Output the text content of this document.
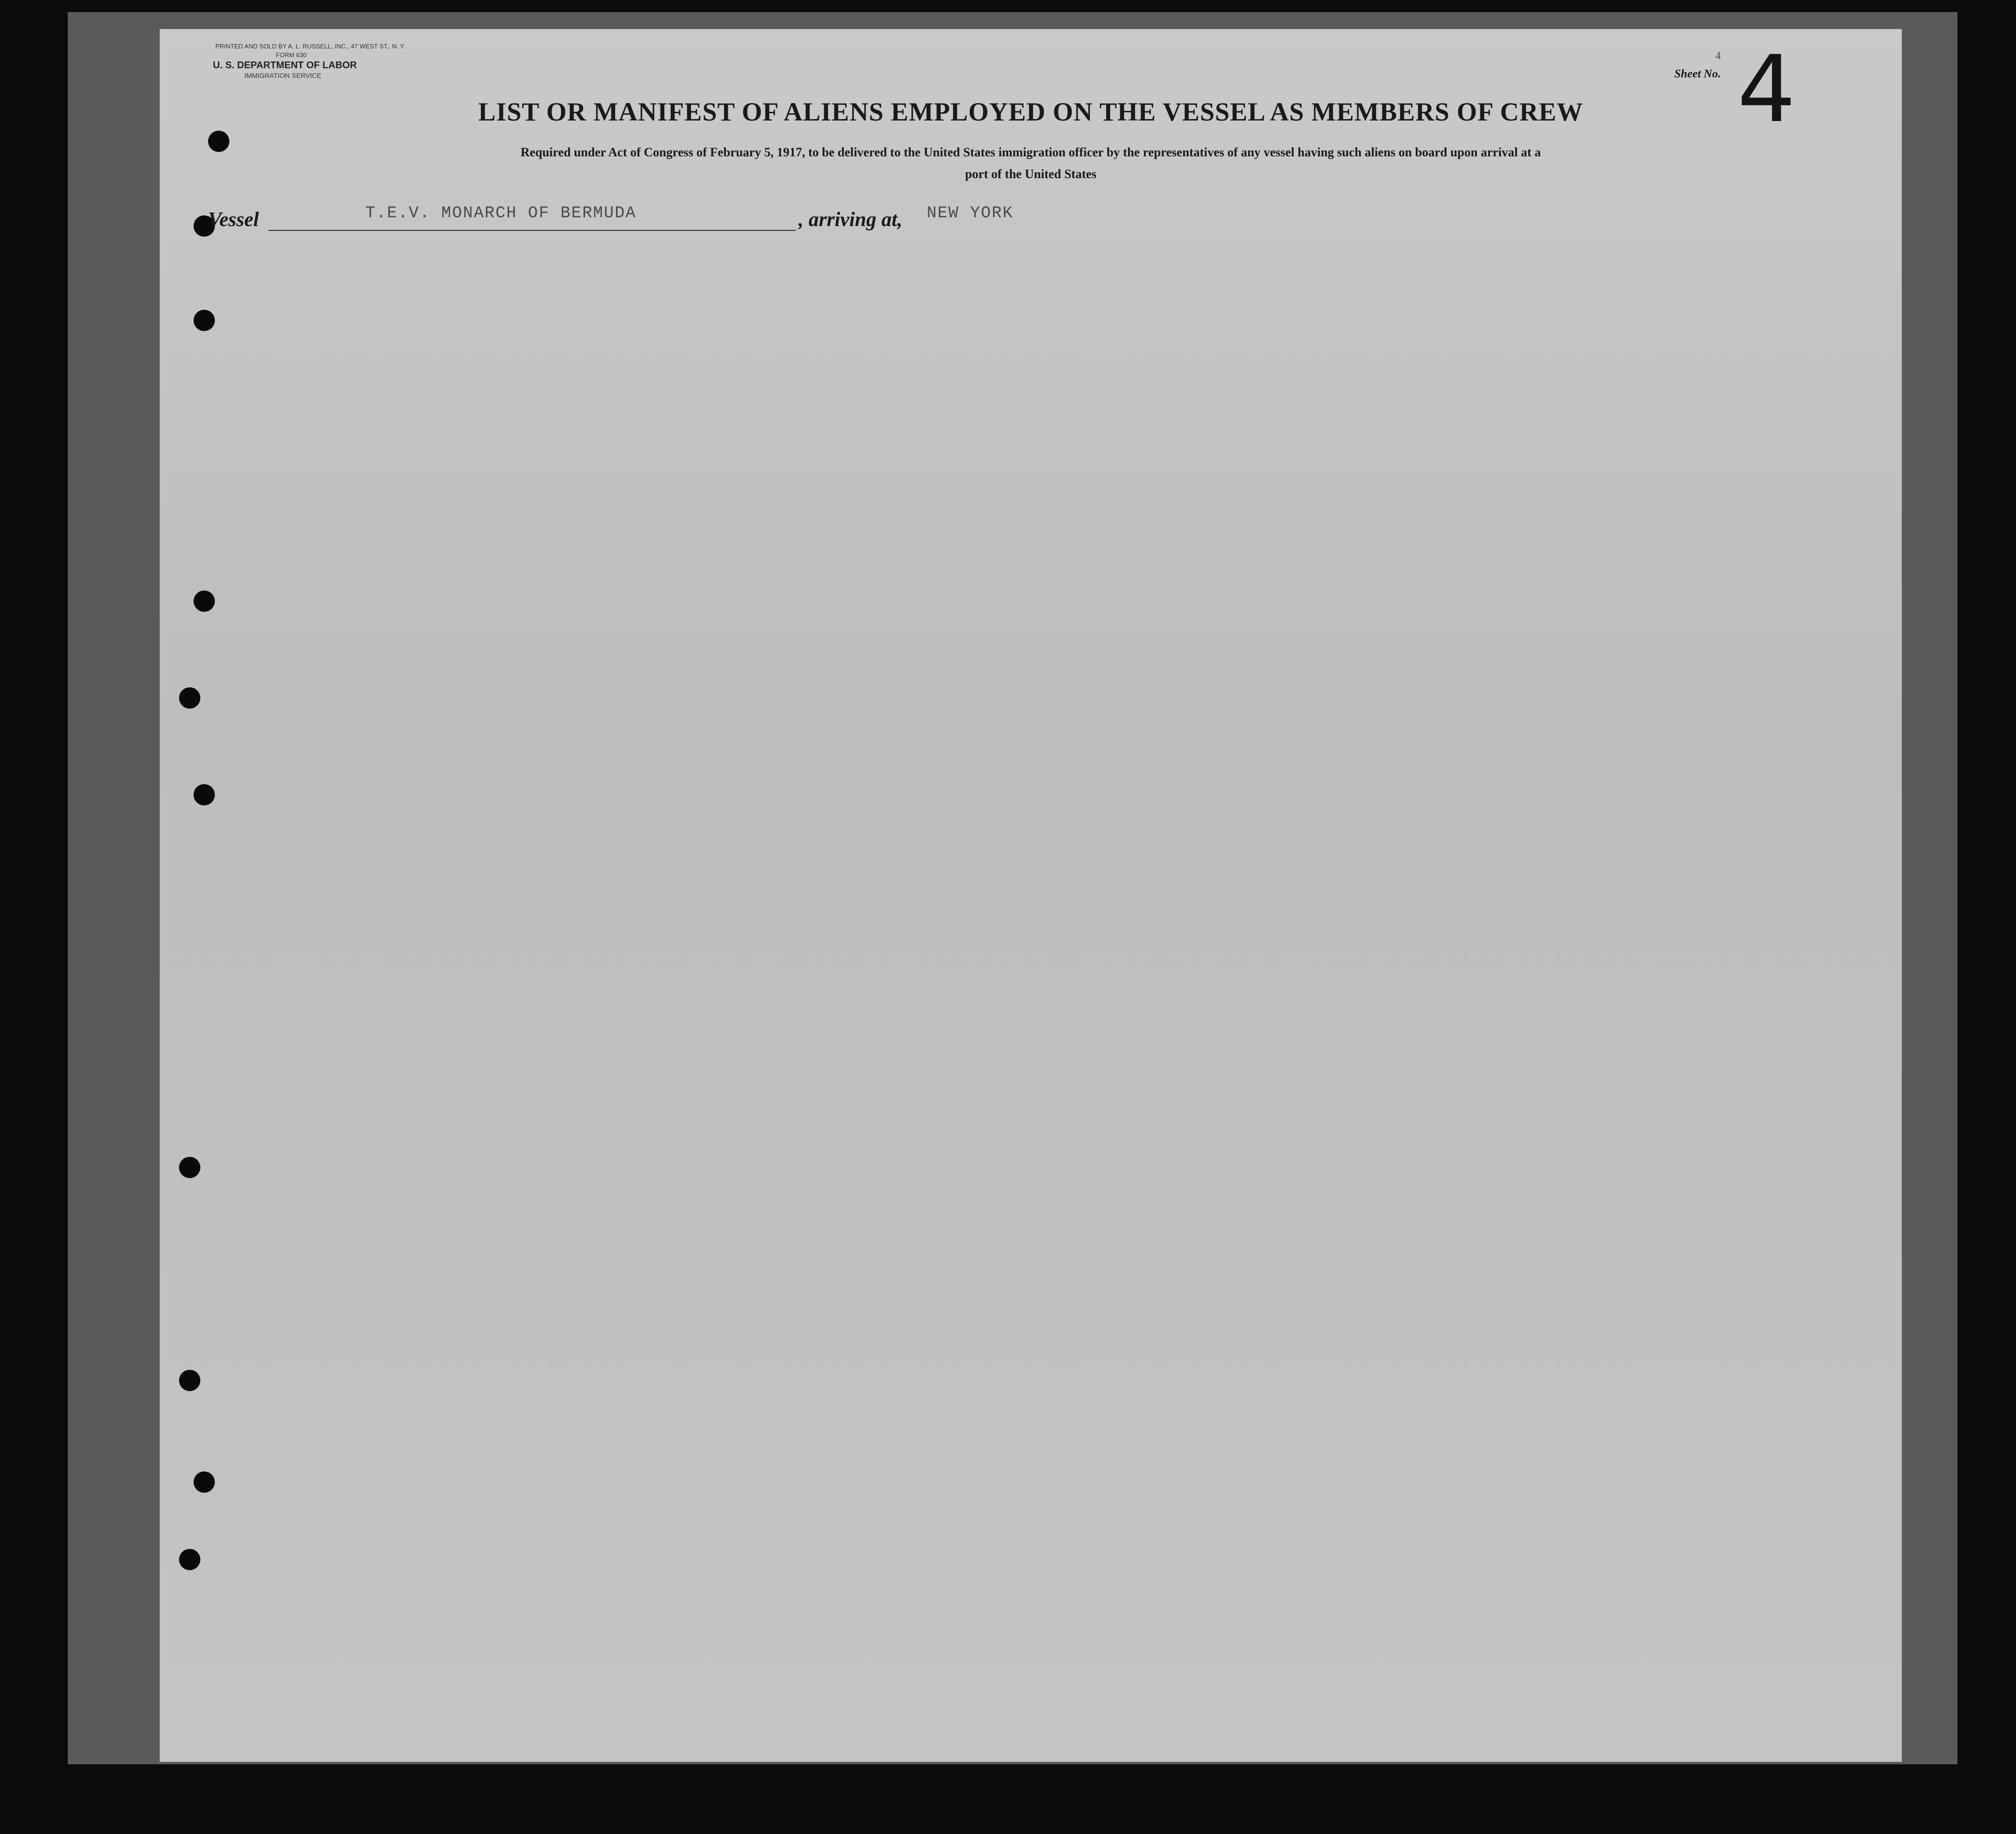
PRINTED AND SOLD BY A. L. RUSSELL, INC., 47 WEST ST., N. Y.
FORM 630
U. S. DEPARTMENT OF LABOR
IMMIGRATION SERVICE	Sheet No.
4 4
LIST OR MANIFEST OF ALIENS EMPLOYED ON THE VESSEL AS MEMBERS OF CREW
Required under Act of Congress of February 5, 1917, to be delivered to the United States immigration officer by the representatives of any vessel having such aliens on board upon arrival at a
port of the United States
Vessel	T.E.V. MONARCH OF BERMUDA	, arriving at, NEW YORK
